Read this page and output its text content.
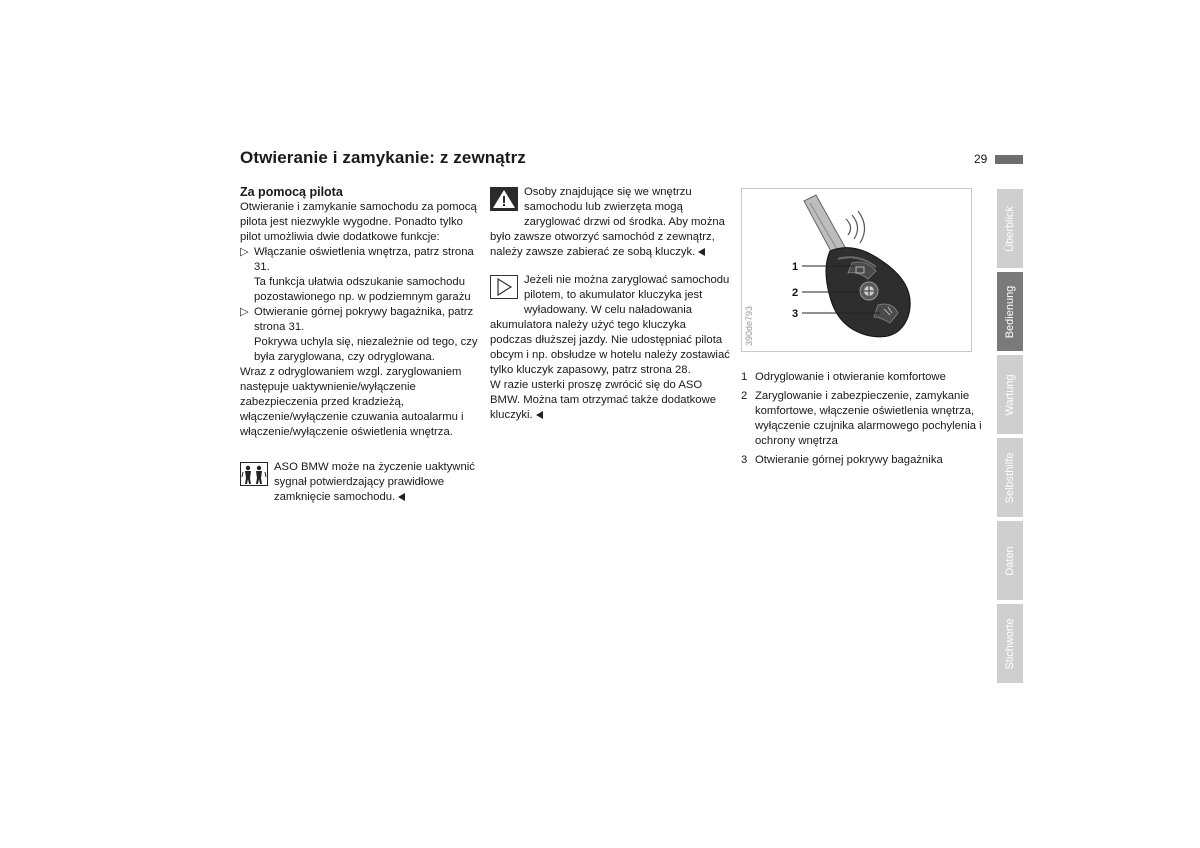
Otwieranie i zamykanie: z zewnątrz	29

Za pomocą pilota

Otwieranie i zamykanie samochodu za pomocą pilota jest niezwykle wygodne. Ponadto tylko pilot umożliwia dwie dodatkowe funkcje:

▷ Włączanie oświetlenia wnętrza, patrz strona 31.

Ta funkcja ułatwia odszukanie samochodu pozostawionego np. w podziemnym garażu

▷ Otwieranie górnej pokrywy bagażnika, patrz strona 31.

Pokrywa uchyla się, niezależnie od tego, czy była zaryglowana, czy odryglowana.

Wraz z odryglowaniem wzgl. zaryglowaniem następuje uaktywnienie/wyłączenie zabezpieczenia przed kradzieżą, włączenie/wyłączenie czuwania autoalarmu i włączenie/wyłączenie oświetlenia wnętrza.

ASO BMW może na życzenie uaktywnić sygnał potwierdzający prawidłowe zamknięcie samochodu.
Osoby znajdujące się we wnętrzu samochodu lub zwierzęta mogą zaryglować drzwi od środka. Aby można było zawsze otworzyć samochód z zewnątrz, należy zawsze zabierać ze sobą kluczyk.
Jeżeli nie można zaryglować samochodu pilotem, to akumulator kluczyka jest wyładowany. W celu naładowania akumulatora należy użyć tego kluczyka podczas dłuższej jazdy. Nie udostępniać pilota obcym i np. obsłudze w hotelu należy zostawiać tylko kluczyk zapasowy, patrz strona 28.
W razie usterki proszę zwrócić się do ASO BMW. Można tam otrzymać także dodatkowe kluczyki.
1
2
3
390de793
1 Odryglowanie i otwieranie komfortowe
2 Zaryglowanie i zabezpieczenie, zamykanie komfortowe, włączenie oświetlenia wnętrza, wyłączenie czujnika alarmowego pochylenia i ochrony wnętrza
3 Otwieranie górnej pokrywy bagażnika
Überblick
Bedienung
Wartung
Selbsthilfe
Daten
Stichworte
